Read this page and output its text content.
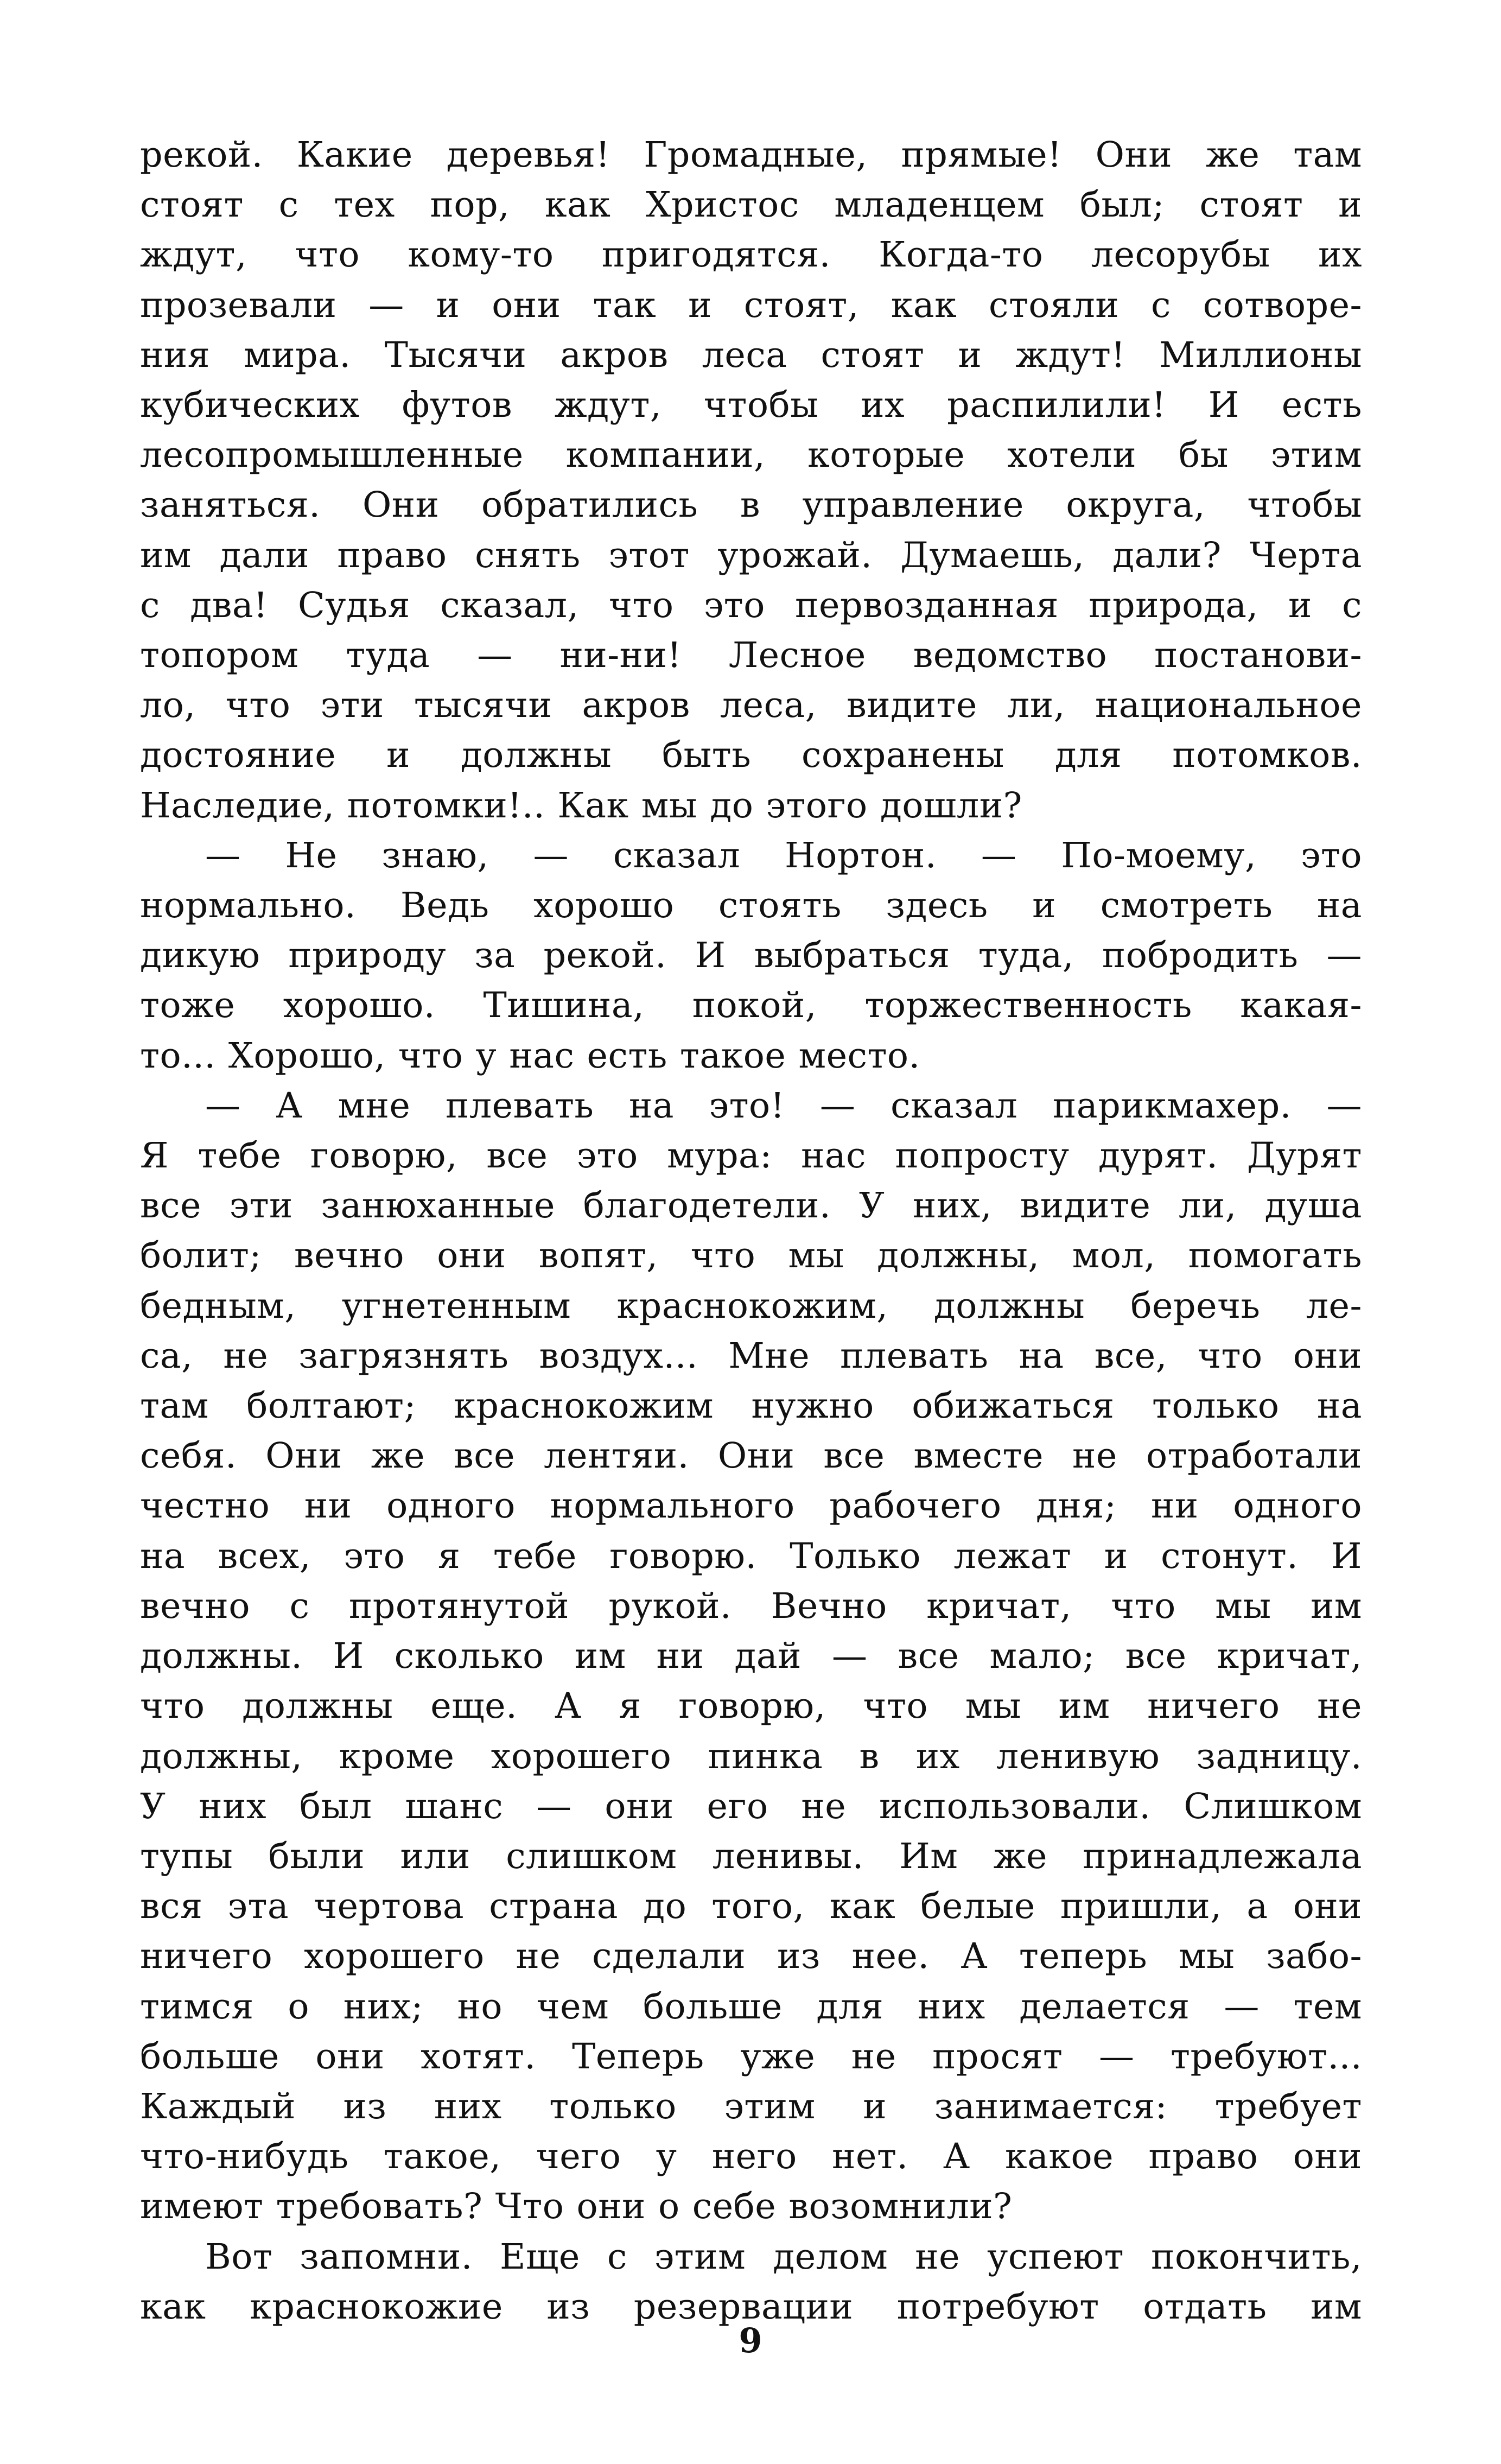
рекой. Какие деревья! Громадные, прямые! Они же там
стоят с тех пор, как Христос младенцем был; стоят и
ждут, что кому-то пригодятся. Когда-то лесорубы их
прозевали — и они так и стоят, как стояли с сотворе-
ния мира. Тысячи акров леса стоят и ждут! Миллионы
кубических футов ждут, чтобы их распилили! И есть
лесопромышленные компании, которые хотели бы этим
заняться. Они обратились в управление округа, чтобы
им дали право снять этот урожай. Думаешь, дали? Черта
с два! Судья сказал, что это первозданная природа, и с
топором туда — ни-ни! Лесное ведомство постанови-
ло, что эти тысячи акров леса, видите ли, национальное
достояние и должны быть сохранены для потомков.
Наследие, потомки!.. Как мы до этого дошли?
— Не знаю, — сказал Нортон. — По-моему, это
нормально. Ведь хорошо стоять здесь и смотреть на
дикую природу за рекой. И выбраться туда, побродить —
тоже хорошо. Тишина, покой, торжественность какая-
то... Хорошо, что у нас есть такое место.
— А мне плевать на это! — сказал парикмахер. —
Я тебе говорю, все это мура: нас попросту дурят. Дурят
все эти занюханные благодетели. У них, видите ли, душа
болит; вечно они вопят, что мы должны, мол, помогать
бедным, угнетенным краснокожим, должны беречь ле-
са, не загрязнять воздух... Мне плевать на все, что они
там болтают; краснокожим нужно обижаться только на
себя. Они же все лентяи. Они все вместе не отработали
честно ни одного нормального рабочего дня; ни одного
на всех, это я тебе говорю. Только лежат и стонут. И
вечно с протянутой рукой. Вечно кричат, что мы им
должны. И сколько им ни дай — все мало; все кричат,
что должны еще. А я говорю, что мы им ничего не
должны, кроме хорошего пинка в их ленивую задницу.
У них был шанс — они его не использовали. Слишком
тупы были или слишком ленивы. Им же принадлежала
вся эта чертова страна до того, как белые пришли, а они
ничего хорошего не сделали из нее. А теперь мы забо-
тимся о них; но чем больше для них делается — тем
больше они хотят. Теперь уже не просят — требуют...
Каждый из них только этим и занимается: требует
что-нибудь такое, чего у него нет. А какое право они
имеют требовать? Что они о себе возомнили?
Вот запомни. Еще с этим делом не успеют покончить,
как краснокожие из резервации потребуют отдать им
9
